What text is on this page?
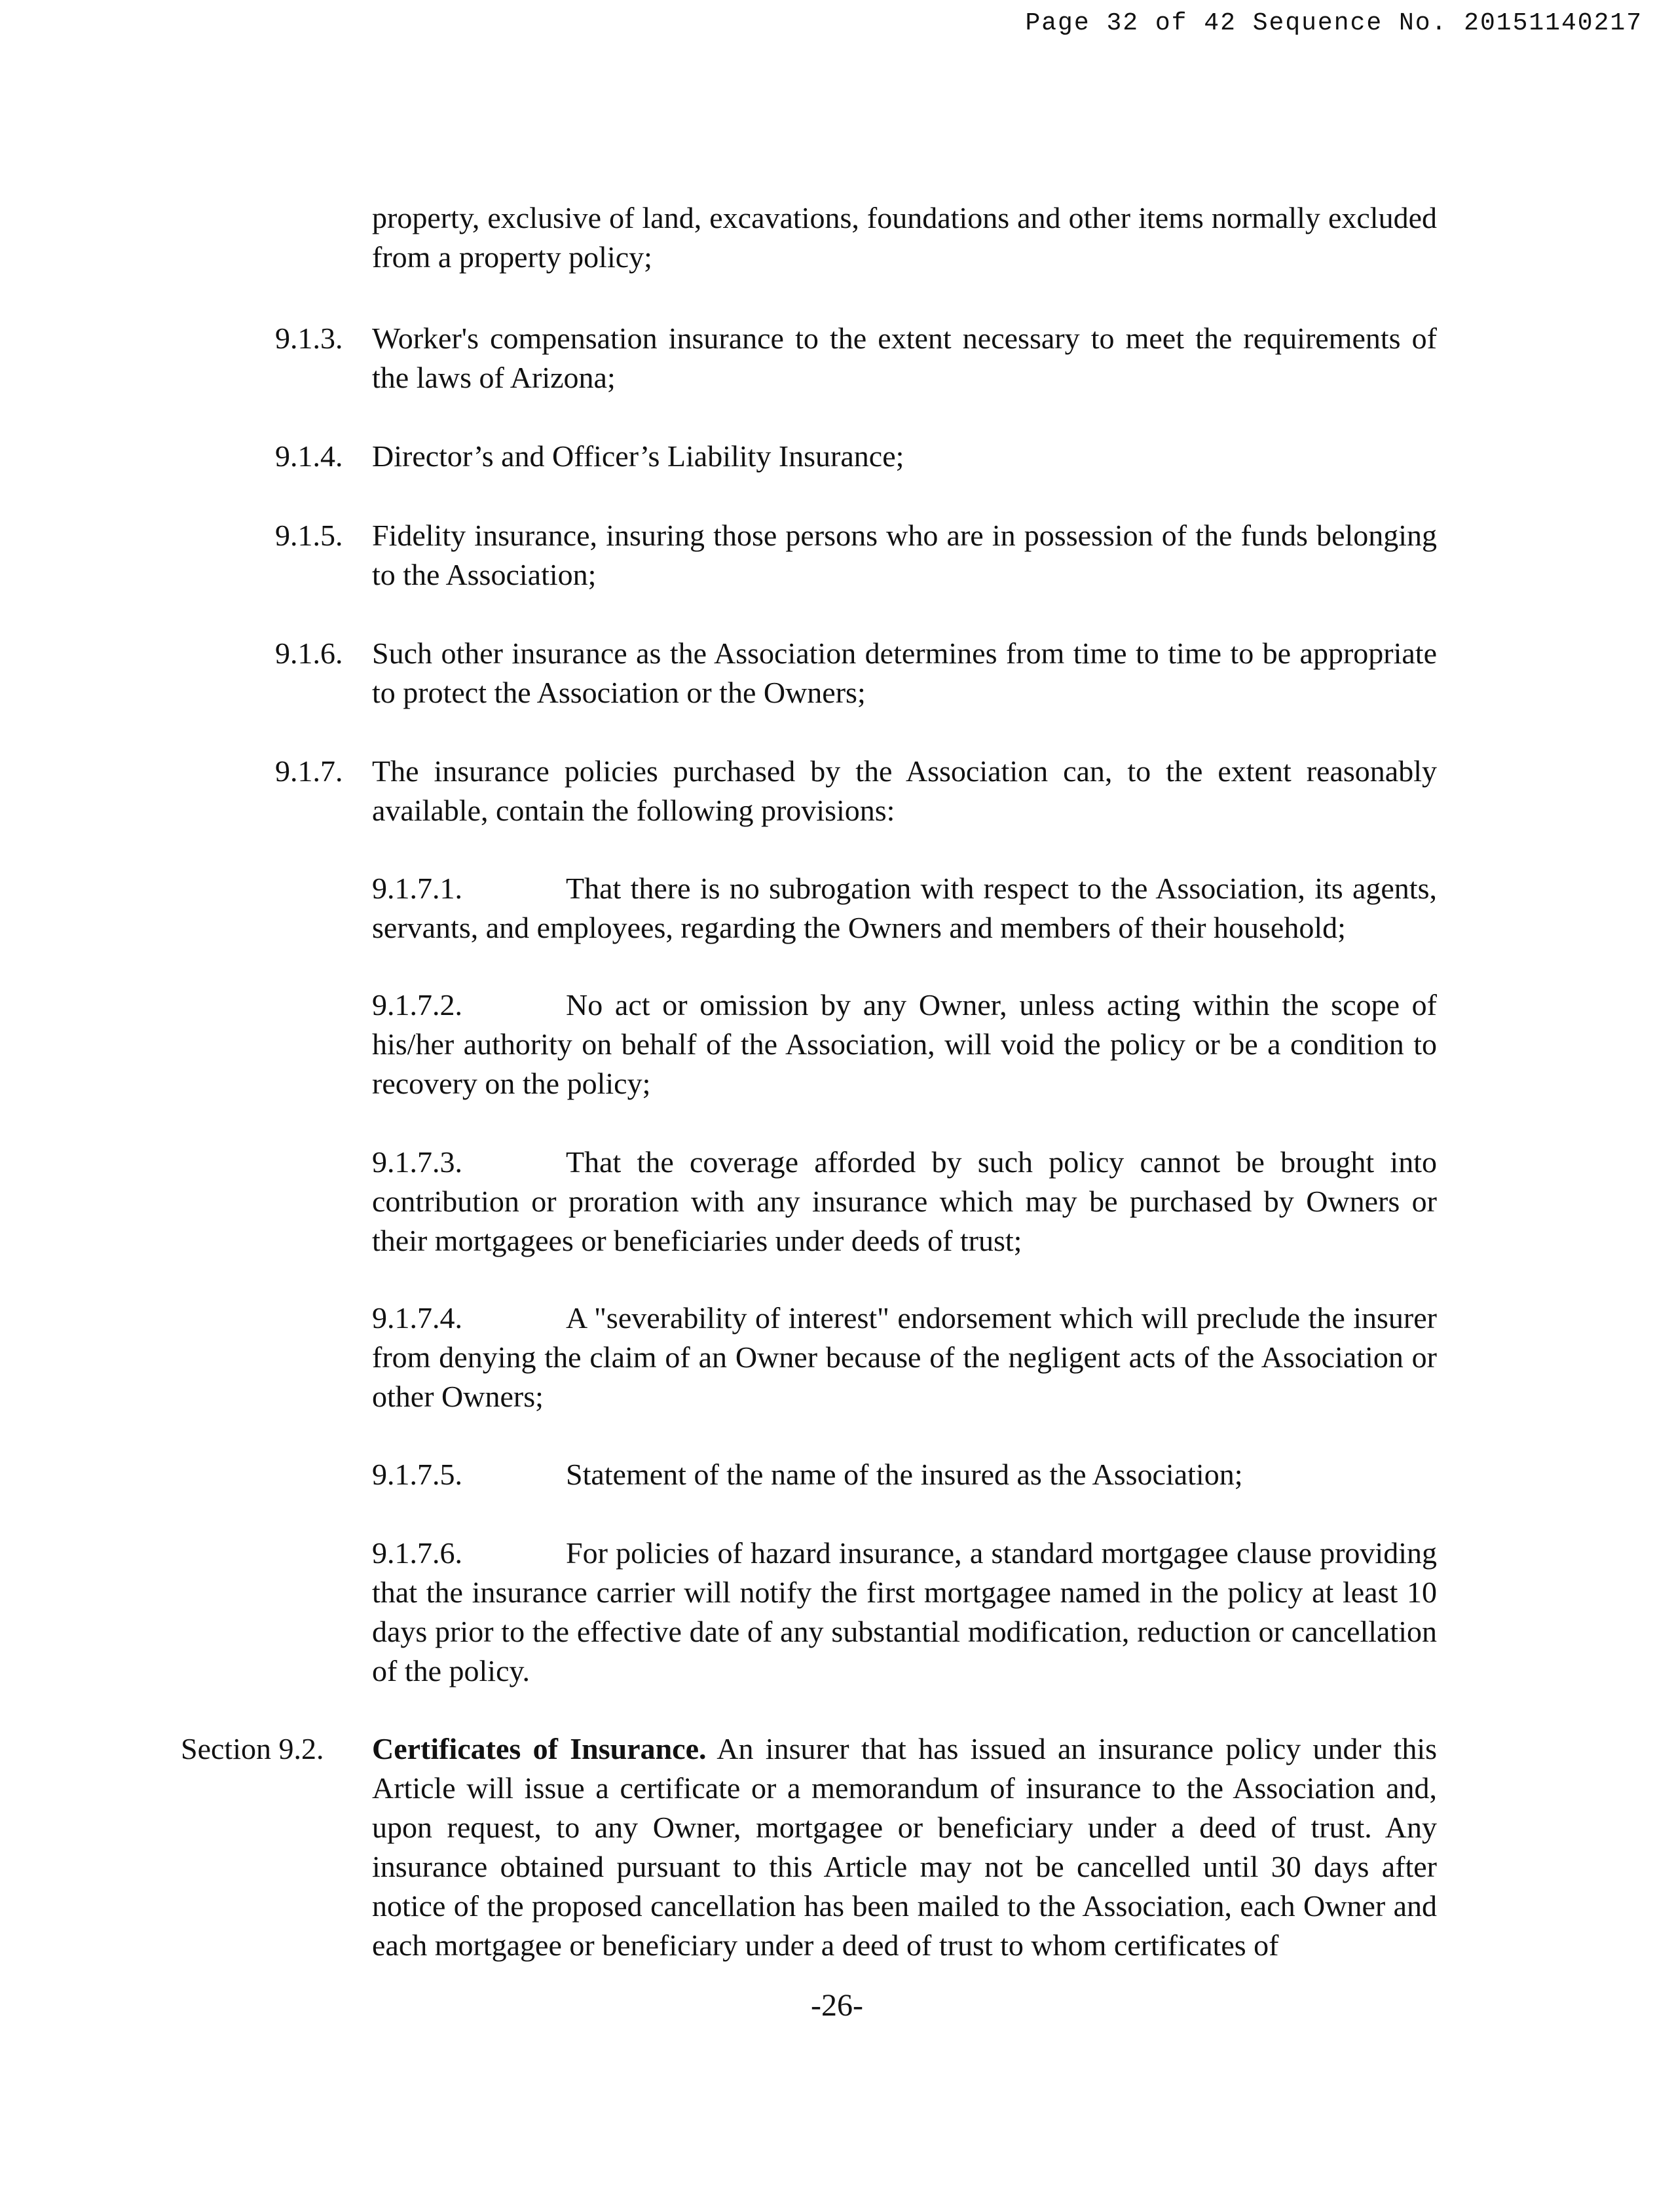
Page 32 of 42 Sequence No. 20151140217
property, exclusive of land, excavations, foundations and other items normally excluded from a property policy;
9.1.3. Worker's compensation insurance to the extent necessary to meet the requirements of the laws of Arizona;
9.1.4. Director’s and Officer’s Liability Insurance;
9.1.5. Fidelity insurance, insuring those persons who are in possession of the funds belonging to the Association;
9.1.6. Such other insurance as the Association determines from time to time to be appropriate to protect the Association or the Owners;
9.1.7. The insurance policies purchased by the Association can, to the extent reasonably available, contain the following provisions:
9.1.7.1.	That there is no subrogation with respect to the Association, its agents, servants, and employees, regarding the Owners and members of their household;
9.1.7.2.	No act or omission by any Owner, unless acting within the scope of his/her authority on behalf of the Association, will void the policy or be a condition to recovery on the policy;
9.1.7.3.	That the coverage afforded by such policy cannot be brought into contribution or proration with any insurance which may be purchased by Owners or their mortgagees or beneficiaries under deeds of trust;
9.1.7.4.	A "severability of interest" endorsement which will preclude the insurer from denying the claim of an Owner because of the negligent acts of the Association or other Owners;
9.1.7.5.	Statement of the name of the insured as the Association;
9.1.7.6.	For policies of hazard insurance, a standard mortgagee clause providing that the insurance carrier will notify the first mortgagee named in the policy at least 10 days prior to the effective date of any substantial modification, reduction or cancellation of the policy.
Section 9.2. Certificates of Insurance. An insurer that has issued an insurance policy under this Article will issue a certificate or a memorandum of insurance to the Association and, upon request, to any Owner, mortgagee or beneficiary under a deed of trust. Any insurance obtained pursuant to this Article may not be cancelled until 30 days after notice of the proposed cancellation has been mailed to the Association, each Owner and each mortgagee or beneficiary under a deed of trust to whom certificates of
-26-
